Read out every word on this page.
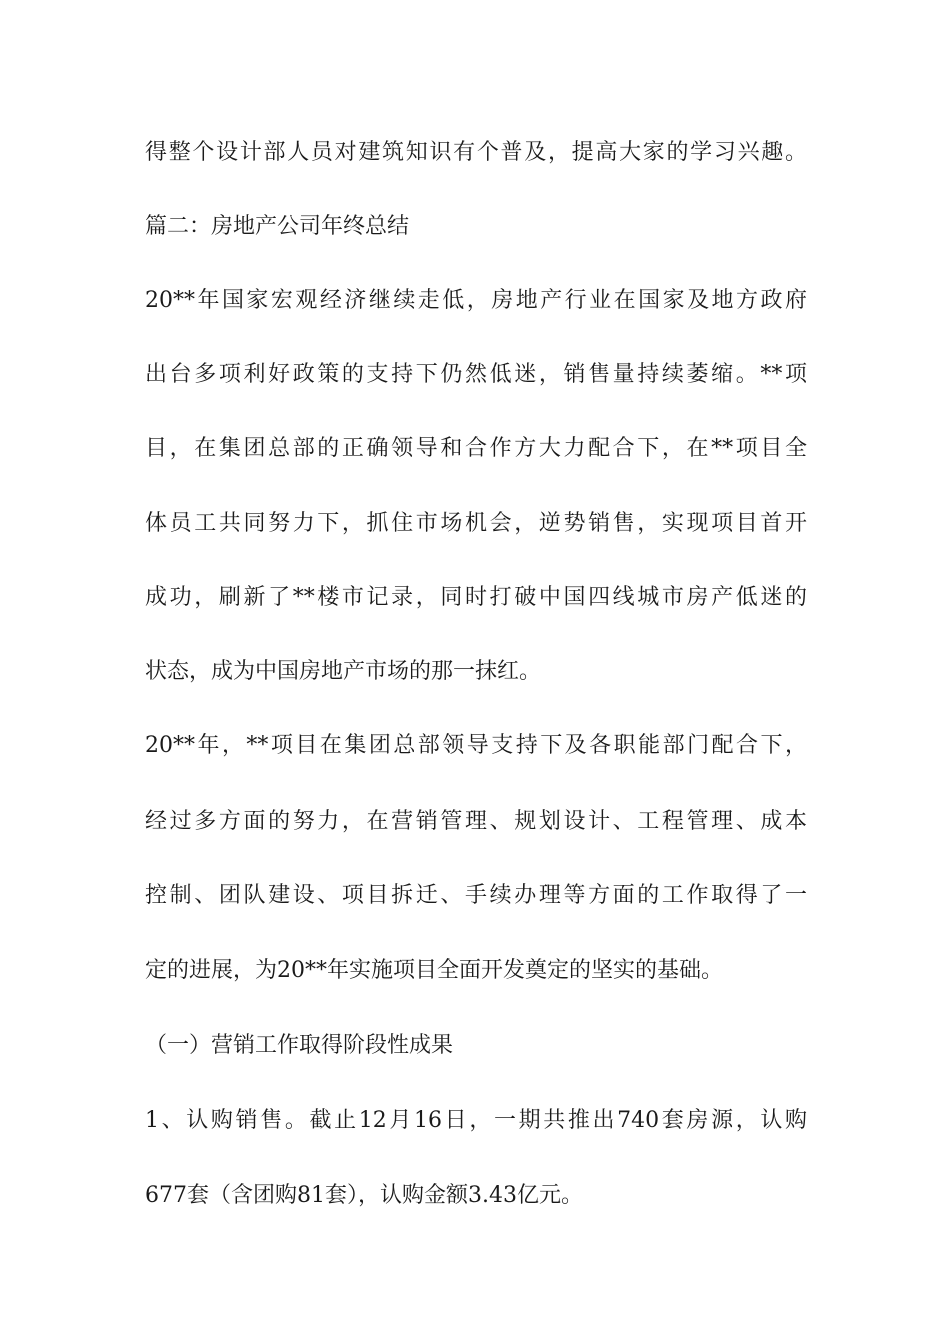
得整个设计部人员对建筑知识有个普及，提高大家的学习兴趣。
篇二：房地产公司年终总结
20**年国家宏观经济继续走低，房地产行业在国家及地方政府
出台多项利好政策的支持下仍然低迷，销售量持续萎缩。**项
目，在集团总部的正确领导和合作方大力配合下，在**项目全
体员工共同努力下，抓住市场机会，逆势销售，实现项目首开
成功，刷新了**楼市记录，同时打破中国四线城市房产低迷的
状态，成为中国房地产市场的那一抹红。
20**年，**项目在集团总部领导支持下及各职能部门配合下，
经过多方面的努力，在营销管理、规划设计、工程管理、成本
控制、团队建设、项目拆迁、手续办理等方面的工作取得了一
定的进展，为20**年实施项目全面开发奠定的坚实的基础。
（一）营销工作取得阶段性成果
1、认购销售。截止12月16日，一期共推出740套房源，认购
677套（含团购81套），认购金额3.43亿元。
